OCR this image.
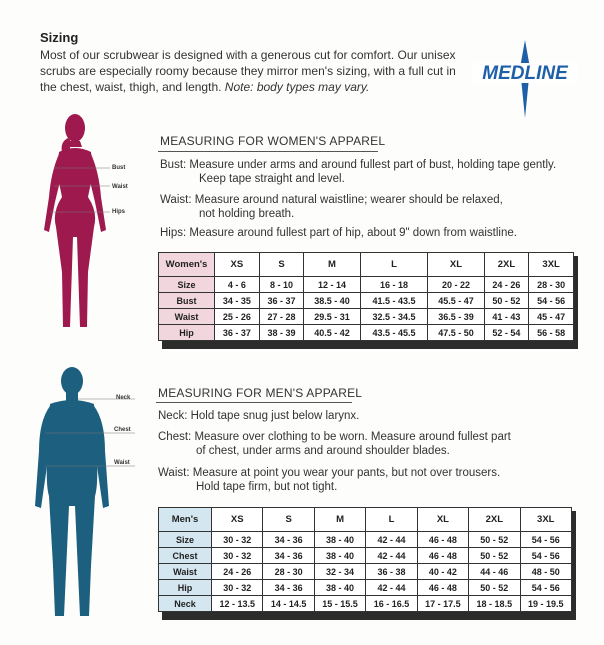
Sizing
Most of our scrubwear is designed with a generous cut for comfort. Our unisex scrubs are especially roomy because they mirror men's sizing, with a full cut in the chest, waist, thigh, and length. Note: body types may vary.
MEDLINE
Bust
Waist
Hips
MEASURING FOR WOMEN'S APPAREL
Bust: Measure under arms and around fullest part of bust, holding tape gently.
Keep tape straight and level.
Waist: Measure around natural waistline; wearer should be relaxed,
not holding breath.
Hips: Measure around fullest part of hip, about 9" down from waistline.
Women's	XS	S	M	L	XL	2XL	3XL
Size	4 - 6	8 - 10	12 - 14	16 - 18	20 - 22	24 - 26	28 - 30
Bust	34 - 35	36 - 37	38.5 - 40	41.5 - 43.5	45.5 - 47	50 - 52	54 - 56
Waist	25 - 26	27 - 28	29.5 - 31	32.5 - 34.5	36.5 - 39	41 - 43	45 - 47
Hip	36 - 37	38 - 39	40.5 - 42	43.5 - 45.5	47.5 - 50	52 - 54	56 - 58
Neck
Chest
Waist
MEASURING FOR MEN'S APPAREL
Neck: Hold tape snug just below larynx.
Chest: Measure over clothing to be worn. Measure around fullest part
of chest, under arms and around shoulder blades.
Waist: Measure at point you wear your pants, but not over trousers.
Hold tape firm, but not tight.
Men's	XS	S	M	L	XL	2XL	3XL
Size	30 - 32	34 - 36	38 - 40	42 - 44	46 - 48	50 - 52	54 - 56
Chest	30 - 32	34 - 36	38 - 40	42 - 44	46 - 48	50 - 52	54 - 56
Waist	24 - 26	28 - 30	32 - 34	36 - 38	40 - 42	44 - 46	48 - 50
Hip	30 - 32	34 - 36	38 - 40	42 - 44	46 - 48	50 - 52	54 - 56
Neck	12 - 13.5	14 - 14.5	15 - 15.5	16 - 16.5	17 - 17.5	18 - 18.5	19 - 19.5
